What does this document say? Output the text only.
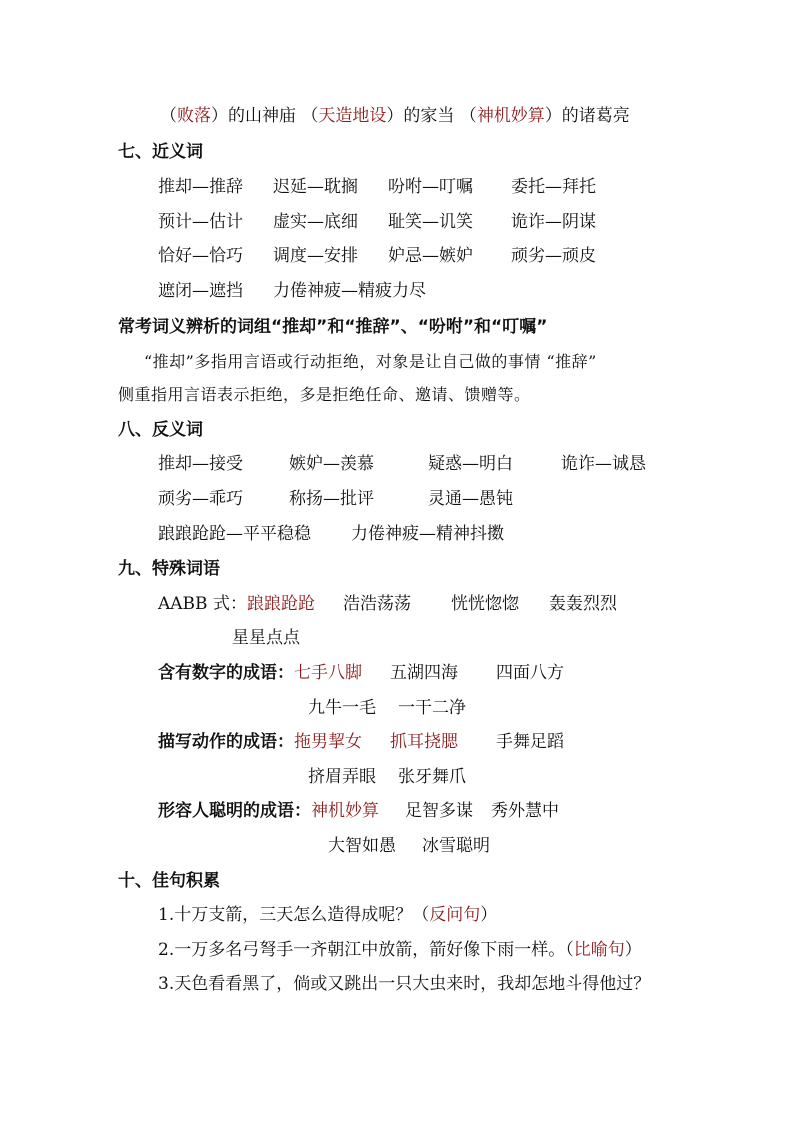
（败落）的山神庙 （天造地设）的家当 （神机妙算）的诸葛亮
七、近义词
推却—推辞 迟延—耽搁 吩咐—叮嘱 委托—拜托
预计—估计 虚实—底细 耻笑—讥笑 诡诈—阴谋
恰好—恰巧 调度—安排 妒忌—嫉妒 顽劣—顽皮
遮闭—遮挡 力倦神疲—精疲力尽
常考词义辨析的词组“推却”和“推辞”、“吩咐”和“叮嘱”
“推却”多指用言语或行动拒绝，对象是让自己做的事情 “推辞”
侧重指用言语表示拒绝，多是拒绝任命、邀请、馈赠等。
八、反义词
推却—接受	嫉妒—羡慕	疑惑—明白	诡诈—诚恳
顽劣—乖巧	称扬—批评	灵通—愚钝
踉踉跄跄—平平稳稳 力倦神疲—精神抖擞
九、特殊词语
AABB 式：踉踉跄跄 浩浩荡荡 恍恍惚惚 轰轰烈烈
星星点点
含有数字的成语：七手八脚 五湖四海 四面八方
九牛一毛 一干二净
描写动作的成语：拖男挈女 抓耳挠腮 手舞足蹈
挤眉弄眼 张牙舞爪
形容人聪明的成语：神机妙算 足智多谋 秀外慧中
大智如愚 冰雪聪明
十、佳句积累
1.十万支箭，三天怎么造得成呢？（反问句）
2.一万多名弓弩手一齐朝江中放箭，箭好像下雨一样。（比喻句）
3.天色看看黑了，倘或又跳出一只大虫来时，我却怎地斗得他过？
